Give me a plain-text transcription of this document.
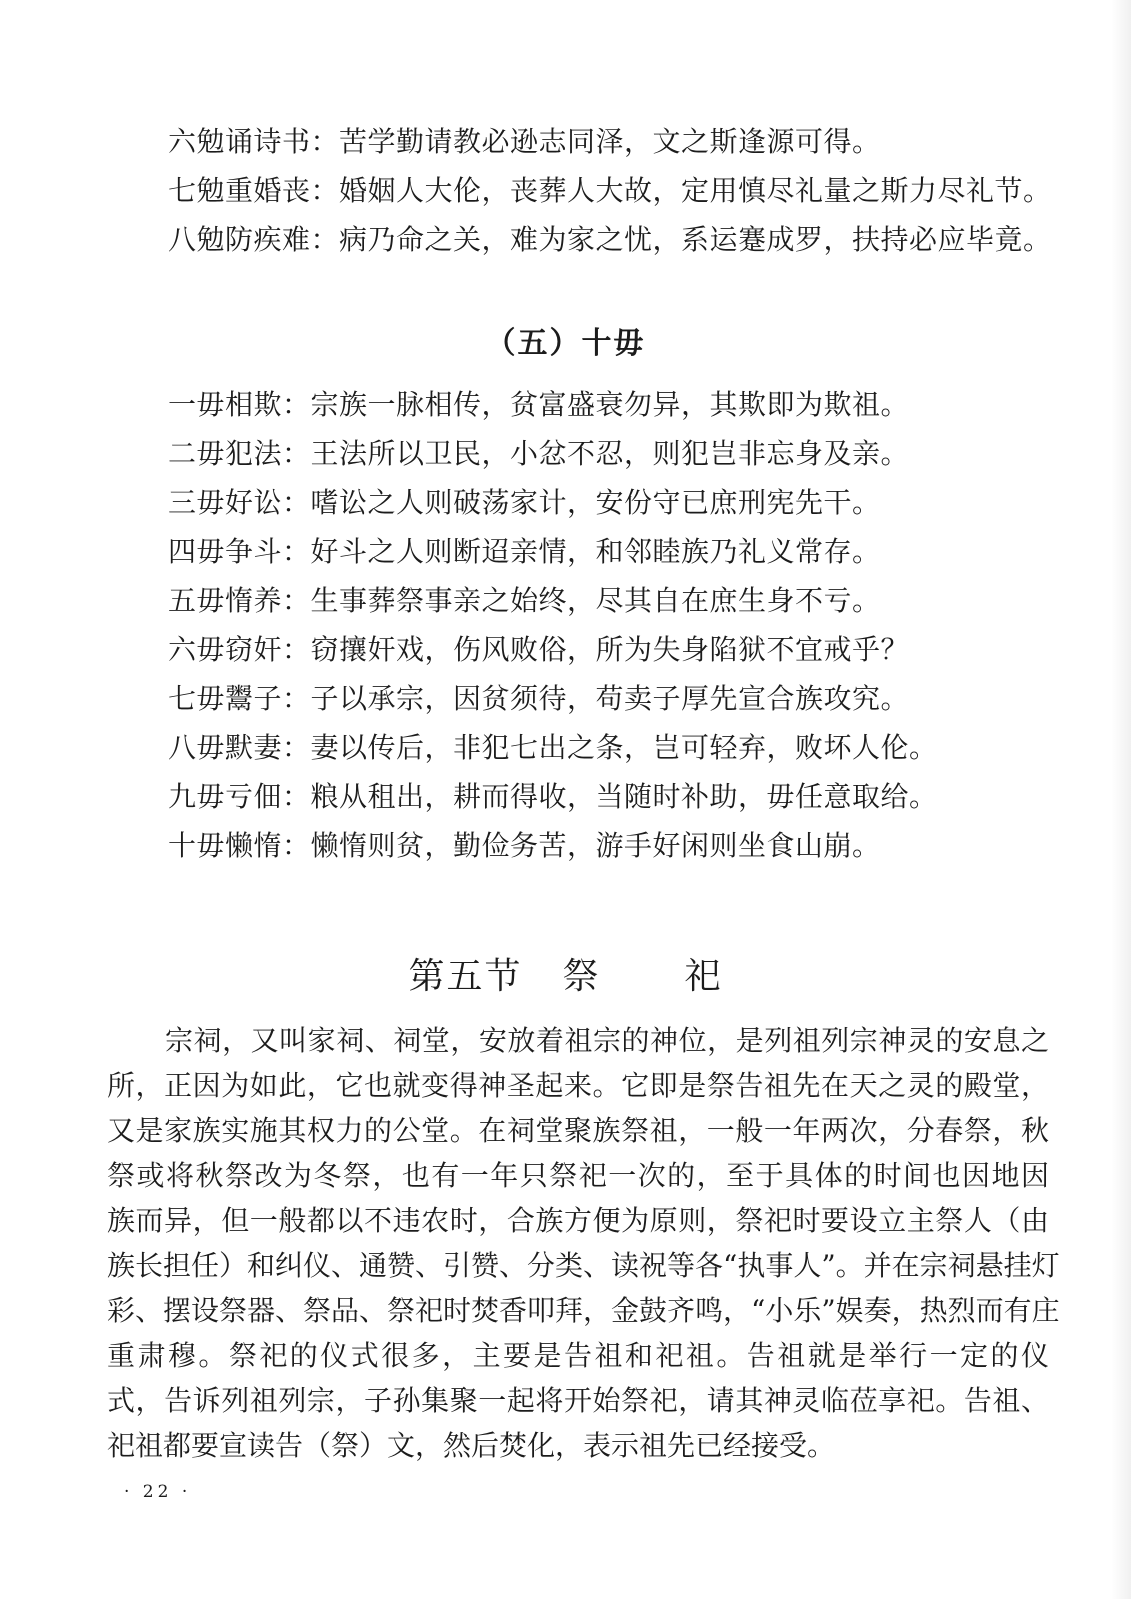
六勉诵诗书：苦学勤请教必逊志同泽，文之斯逢源可得。
七勉重婚丧：婚姻人大伦，丧葬人大故，定用慎尽礼量之斯力尽礼节。
八勉防疾难：病乃命之关，难为家之忧，系运蹇成罗，扶持必应毕竟。
（五）十毋
一毋相欺：宗族一脉相传，贫富盛衰勿异，其欺即为欺祖。
二毋犯法：王法所以卫民，小忿不忍，则犯岂非忘身及亲。
三毋好讼：嗜讼之人则破荡家计，安份守已庶刑宪先干。
四毋争斗：好斗之人则断迢亲情，和邻睦族乃礼义常存。
五毋惰养：生事葬祭事亲之始终，尽其自在庶生身不亏。
六毋窃奸：窃攘奸戏，伤风败俗，所为失身陷狱不宜戒乎？
七毋鬻子：子以承宗，因贫须待，苟卖子厚先宣合族攻究。
八毋默妻：妻以传后，非犯七出之条，岂可轻弃，败坏人伦。
九毋亏佃：粮从租出，耕而得收，当随时补助，毋任意取给。
十毋懒惰：懒惰则贫，勤俭务苦，游手好闲则坐食山崩。
第五节 祭 祀
宗祠，又叫家祠、祠堂，安放着祖宗的神位，是列祖列宗神灵的安息之
所，正因为如此，它也就变得神圣起来。它即是祭告祖先在天之灵的殿堂，
又是家族实施其权力的公堂。在祠堂聚族祭祖，一般一年两次，分春祭，秋
祭或将秋祭改为冬祭，也有一年只祭祀一次的，至于具体的时间也因地因
族而异，但一般都以不违农时，合族方便为原则，祭祀时要设立主祭人（由
族长担任）和纠仪、通赞、引赞、分类、读祝等各“执事人”。并在宗祠悬挂灯
彩、摆设祭器、祭品、祭祀时焚香叩拜，金鼓齐鸣，“小乐”娱奏，热烈而有庄
重肃穆。祭祀的仪式很多，主要是告祖和祀祖。告祖就是举行一定的仪
式，告诉列祖列宗，子孙集聚一起将开始祭祀，请其神灵临莅享祀。告祖、
祀祖都要宣读告（祭）文，然后焚化，表示祖先已经接受。
· 22 ·
